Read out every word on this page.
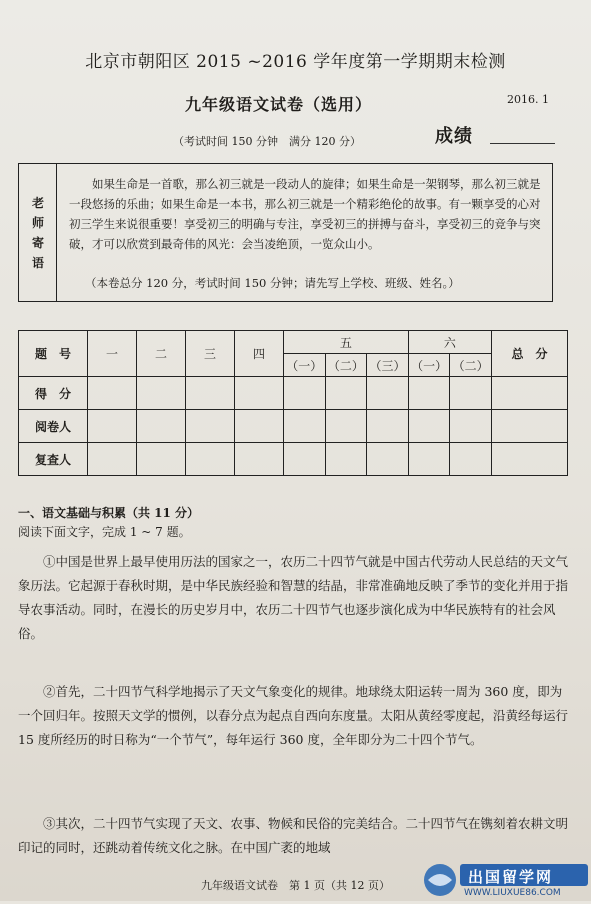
北京市朝阳区 2015 ~2016 学年度第一学期期末检测
九年级语文试卷（选用）	2016. 1
（考试时间 150 分钟　满分 120 分）	成绩
老
师
寄
语
如果生命是一首歌，那么初三就是一段动人的旋律；如果生命是一架钢琴，那么初三就是一段悠扬的乐曲；如果生命是一本书，那么初三就是一个精彩绝伦的故事。有一颗享受的心对初三学生来说很重要！享受初三的明确与专注，享受初三的拼搏与奋斗，享受初三的竞争与突破，才可以欣赏到最奇伟的风光：会当凌绝顶，一览众山小。
（本卷总分 120 分，考试时间 150 分钟；请先写上学校、班级、姓名。）
题　号	一	二	三	四	五			六		总　分
					（一）	（二）	（三）	（一）	（二）	
得　分										
阅卷人										
复查人										
一、语文基础与积累（共 11 分）
阅读下面文字，完成 1 ~ 7 题。
①中国是世界上最早使用历法的国家之一，农历二十四节气就是中国古代劳动人民总结的天文气象历法。它起源于春秋时期，是中华民族经验和智慧的结晶，非常准确地反映了季节的变化并用于指导农事活动。同时，在漫长的历史岁月中，农历二十四节气也逐步演化成为中华民族特有的社会风俗。
②首先，二十四节气科学地揭示了天文气象变化的规律。地球绕太阳运转一周为 360 度，即为一个回归年。按照天文学的惯例，以春分点为起点自西向东度量。太阳从黄经零度起，沿黄经每运行 15 度所经历的时日称为“一个节气”，每年运行 360 度，全年即分为二十四个节气。
③其次，二十四节气实现了天文、农事、物候和民俗的完美结合。二十四节气在镌刻着农耕文明印记的同时，还跳动着传统文化之脉。在中国广袤的地域
九年级语文试卷　第 1 页（共 12 页）	出国留学网
WWW.LIUXUE86.COM
